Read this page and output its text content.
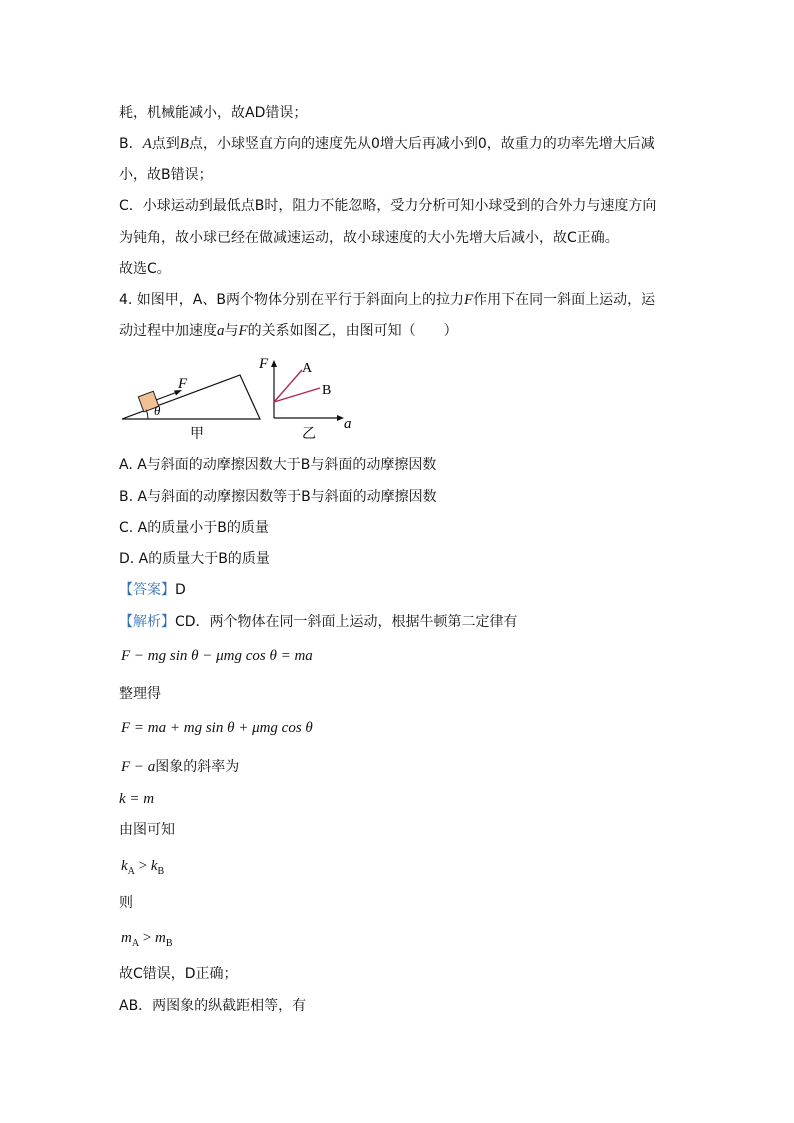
耗，机械能减小，故AD错误；
B．A点到B点，小球竖直方向的速度先从0增大后再减小到0，故重力的功率先增大后减
小，故B错误；
C．小球运动到最低点B时，阻力不能忽略，受力分析可知小球受到的合外力与速度方向
为钝角，故小球已经在做减速运动，故小球速度的大小先增大后减小，故C正确。
故选C。
4. 如图甲，A、B两个物体分别在平行于斜面向上的拉力F作用下在同一斜面上运动，运
动过程中加速度a与F的关系如图乙，由图可知（　　）
F
θ
甲
F
a
A
B
乙
A. A与斜面的动摩擦因数大于B与斜面的动摩擦因数
B. A与斜面的动摩擦因数等于B与斜面的动摩擦因数
C. A的质量小于B的质量
D. A的质量大于B的质量
【答案】D
【解析】CD．两个物体在同一斜面上运动，根据牛顿第二定律有
F − mg sin θ − μmg cos θ = ma
整理得
F = ma + mg sin θ + μmg cos θ
F − a图象的斜率为
k = m
由图可知
$k_A > k_B$
则
$m_A > m_B$
故C错误，D正确；
AB．两图象的纵截距相等，有
